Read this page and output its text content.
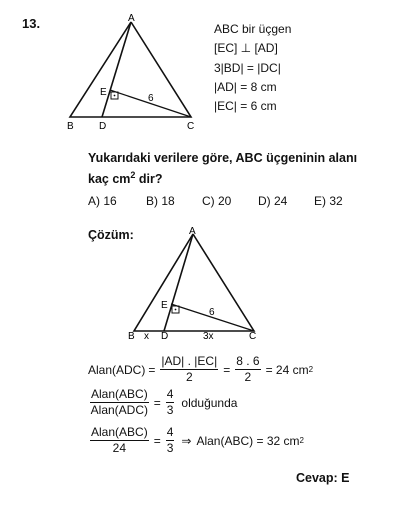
13.	A
B	C
D
E
6
ABC bir üçgen
[EC] ⊥ [AD]
3|BD| = |DC|
|AD| = 8 cm
|EC| = 6 cm
Yukarıdaki verilere göre, ABC üçgeninin alanı
kaç $cm^2$ dir?
A) 16 B) 18 C) 20 D) 24 E) 32
Çözüm:	A
B x D	3x	C
E
6
Alan(ADC) = $\frac{|AD| . |EC|}{2} = \frac{8 . 6}{2} = 24$ cm 2
$\frac{\text{Alan(ABC)}}{\text{Alan(ADC)}} = \frac{4}{3}$ olduğunda
$\frac{\text{Alan(ABC)}}{24} = \frac{4}{3}$ ⇒ Alan(ABC) = 32 cm 2
Cevap: E
